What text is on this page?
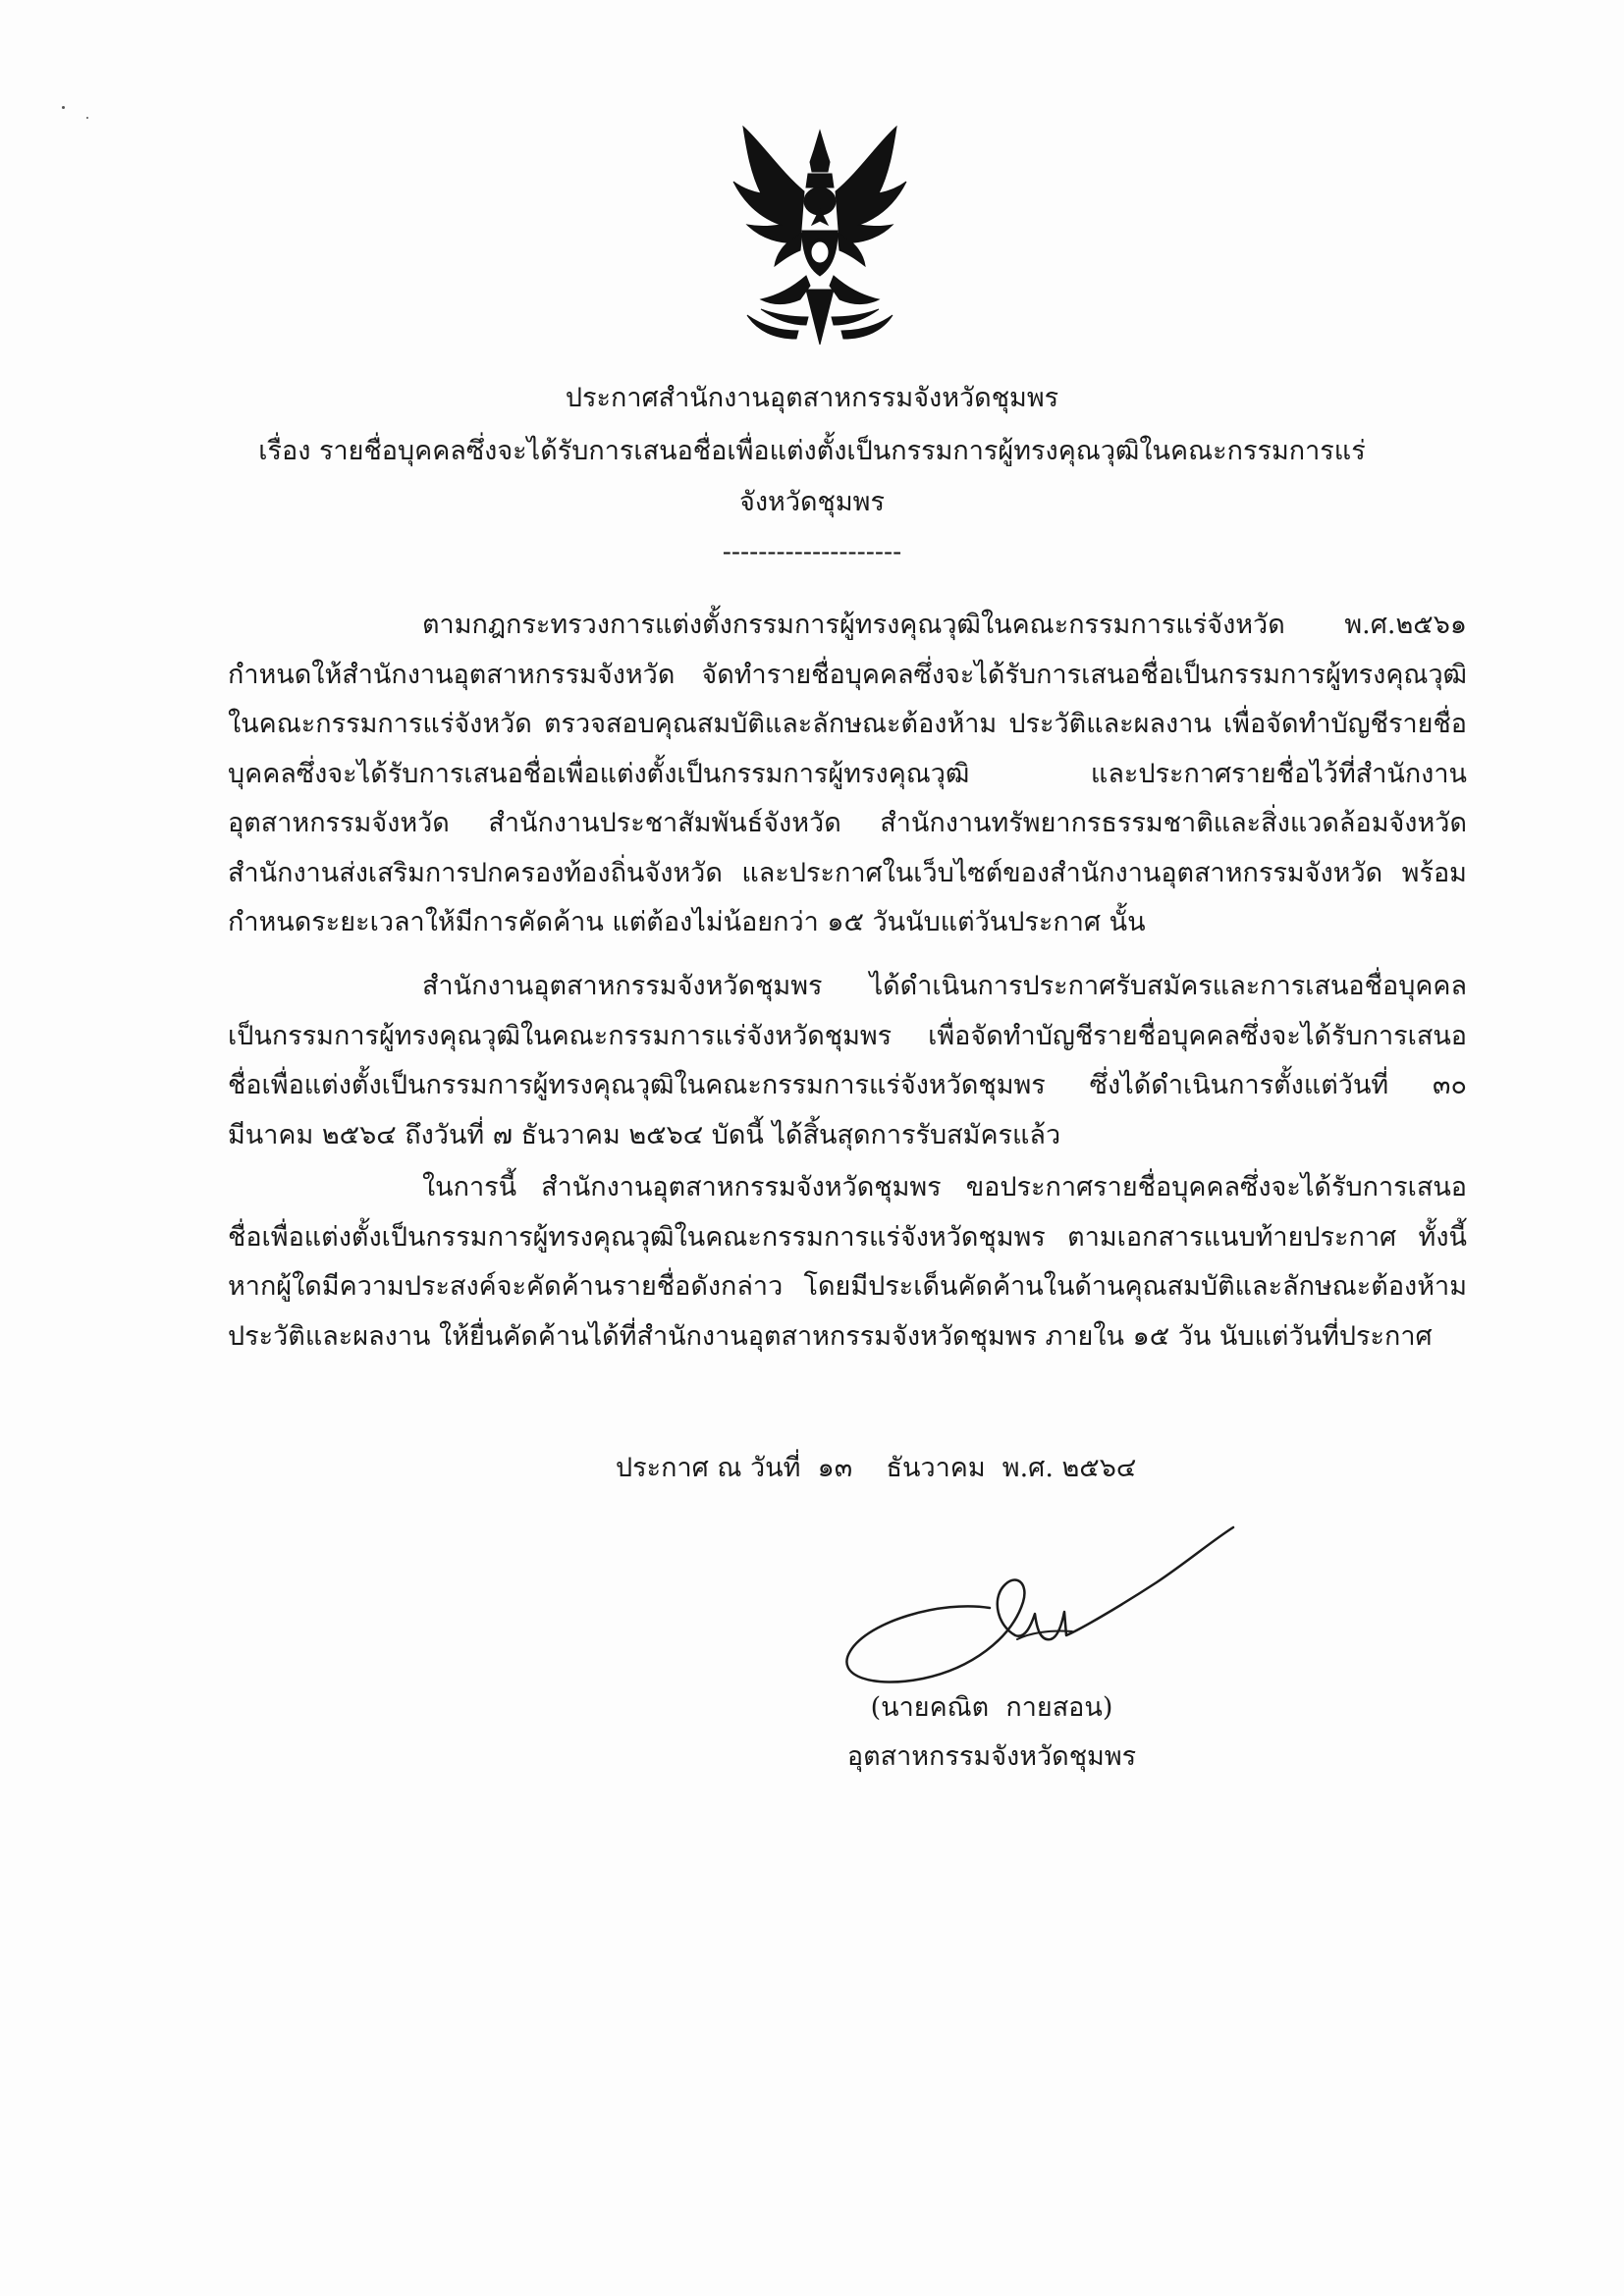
ประกาศสำนักงานอุตสาหกรรมจังหวัดชุมพร
เรื่อง รายชื่อบุคคลซึ่งจะได้รับการเสนอชื่อเพื่อแต่งตั้งเป็นกรรมการผู้ทรงคุณวุฒิในคณะกรรมการแร่
จังหวัดชุมพร
--------------------

ตามกฎกระทรวงการแต่งตั้งกรรมการผู้ทรงคุณวุฒิในคณะกรรมการแร่จังหวัด พ.ศ.๒๕๖๑ กำหนดให้สำนักงานอุตสาหกรรมจังหวัด จัดทำรายชื่อบุคคลซึ่งจะได้รับการเสนอชื่อเป็นกรรมการผู้ทรงคุณวุฒิในคณะกรรมการแร่จังหวัด ตรวจสอบคุณสมบัติและลักษณะต้องห้าม ประวัติและผลงาน เพื่อจัดทำบัญชีรายชื่อบุคคลซึ่งจะได้รับการเสนอชื่อเพื่อแต่งตั้งเป็นกรรมการผู้ทรงคุณวุฒิ และประกาศรายชื่อไว้ที่สำนักงานอุตสาหกรรมจังหวัด สำนักงานประชาสัมพันธ์จังหวัด สำนักงานทรัพยากรธรรมชาติและสิ่งแวดล้อมจังหวัด สำนักงานส่งเสริมการปกครองท้องถิ่นจังหวัด และประกาศในเว็บไซต์ของสำนักงานอุตสาหกรรมจังหวัด พร้อมกำหนดระยะเวลาให้มีการคัดค้าน แต่ต้องไม่น้อยกว่า ๑๕ วันนับแต่วันประกาศ นั้น

สำนักงานอุตสาหกรรมจังหวัดชุมพร ได้ดำเนินการประกาศรับสมัครและการเสนอชื่อบุคคลเป็นกรรมการผู้ทรงคุณวุฒิในคณะกรรมการแร่จังหวัดชุมพร เพื่อจัดทำบัญชีรายชื่อบุคคลซึ่งจะได้รับการเสนอชื่อเพื่อแต่งตั้งเป็นกรรมการผู้ทรงคุณวุฒิในคณะกรรมการแร่จังหวัดชุมพร ซึ่งได้ดำเนินการตั้งแต่วันที่ ๓๐ มีนาคม ๒๕๖๔ ถึงวันที่ ๗ ธันวาคม ๒๕๖๔ บัดนี้ ได้สิ้นสุดการรับสมัครแล้ว

ในการนี้ สำนักงานอุตสาหกรรมจังหวัดชุมพร ขอประกาศรายชื่อบุคคลซึ่งจะได้รับการเสนอชื่อเพื่อแต่งตั้งเป็นกรรมการผู้ทรงคุณวุฒิในคณะกรรมการแร่จังหวัดชุมพร ตามเอกสารแนบท้ายประกาศ ทั้งนี้ หากผู้ใดมีความประสงค์จะคัดค้านรายชื่อดังกล่าว โดยมีประเด็นคัดค้านในด้านคุณสมบัติและลักษณะต้องห้าม ประวัติและผลงาน ให้ยื่นคัดค้านได้ที่สำนักงานอุตสาหกรรมจังหวัดชุมพร ภายใน ๑๕ วัน นับแต่วันที่ประกาศ

ประกาศ ณ วันที่  ๑๓    ธันวาคม  พ.ศ. ๒๕๖๔
(นายคณิต  กายสอน)
อุตสาหกรรมจังหวัดชุมพร
